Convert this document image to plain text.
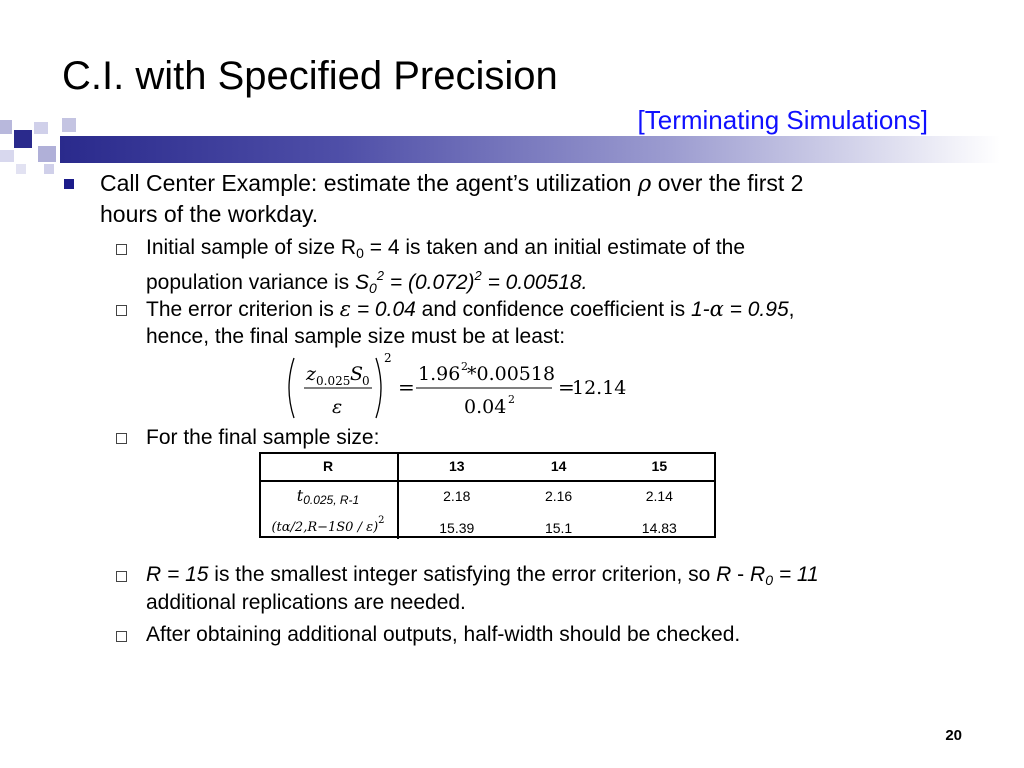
C.I. with Specified Precision
[Terminating Simulations]
Call Center Example: estimate the agent’s utilization ρ over the first 2
hours of the workday.
Initial sample of size $R_0 = 4$ is taken and an initial estimate of the
population variance is $S_0^2 = (0.072)^2 = 0.00518$.
The error criterion is ε = 0.04 and confidence coefficient is 1-α = 0.95,
hence, the final sample size must be at least:
z 0.025 S
0
ε
2
=
1.96 2 *0.00518
0.04 2
=
12.14
For the final sample size:
R	13	14	15
t0.025, R-1	2.18	2.16	2.14
$(t\alpha/2,R-1S0 / \varepsilon)^2$	15.39	15.1	14.83
R = 15 is the smallest integer satisfying the error criterion, so $R - R_0 = 11$
additional replications are needed.
After obtaining additional outputs, half-width should be checked.
20
